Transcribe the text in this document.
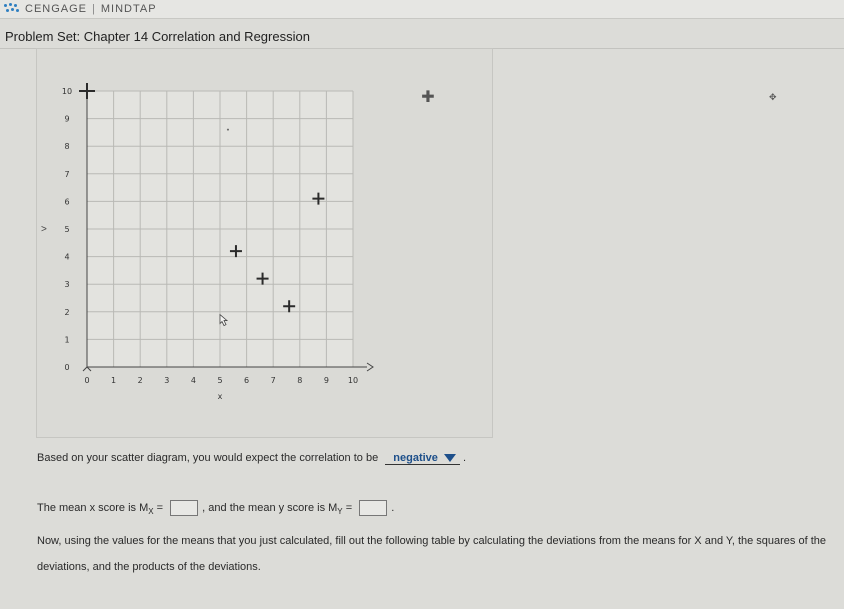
CENGAGE | MINDTAP
Problem Set: Chapter 14 Correlation and Regression
0	1	2	3	4	5	6	7	8	9 10
0
1
2
3
4
5
6
7
8
9
10
x
>
✚	✥
Based on your scatter diagram, you would expect the correlation to be negative .
The mean x score is $M_X$ =	, and the mean y score is $M_Y$ =	.
Now, using the values for the means that you just calculated, fill out the following table by calculating the deviations from the means for X and Y, the squares of the deviations, and the products of the deviations.
